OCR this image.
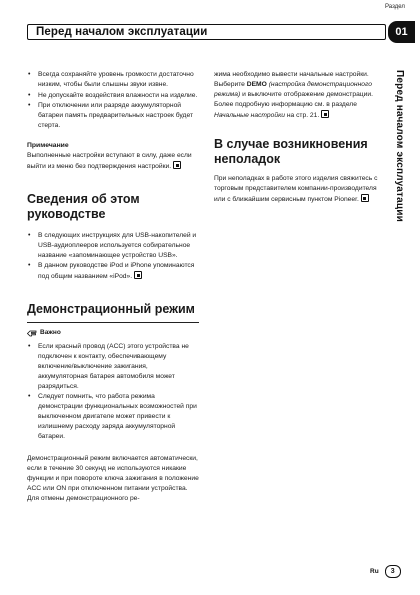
Раздел
Перед началом эксплуатации	01
Перед началом эксплуатации
• Всегда сохраняйте уровень громкости достаточно низким, чтобы были слышны звуки извне.
• Не допускайте воздействия влажности на изделие.
• При отключении или разряде аккумуляторной батареи память предварительных настроек будет стерта.
Примечание
Выполненные настройки вступают в силу, даже если выйти из меню без подтверждения настройки.
Сведения об этом руководстве
• В следующих инструкциях для USB-накопителей и USB-аудиоплееров используется собирательное название «запоминающее устройство USB».
• В данном руководстве iPod и iPhone упоминаются под общим названием «iPod».
Демонстрационный режим
Важно
• Если красный провод (ACC) этого устройства не подключен к контакту, обеспечивающему включение/выключение зажигания, аккумуляторная батарея автомобиля может разрядиться.
• Следует помнить, что работа режима демонстрации функциональных возможностей при выключенном двигателе может привести к излишнему расходу заряда аккумуляторной батареи.
Демонстрационный режим включается автоматически, если в течение 30 секунд не используются никакие функции и при повороте ключа зажигания в положение ACC или ON при отключенном питании устройства. Для отмены демонстрационного ре-

жима необходимо вывести начальные настройки. Выберите DEMO (настройка демонстрационного режима) и выключите отображение демонстрации. Более подробную информацию см. в разделе Начальные настройки на стр. 21.

В случае возникновения неполадок
При неполадках в работе этого изделия свяжитесь с торговым представителем компании-производителя или с ближайшим сервисным пунктом Pioneer.
Ru	3
